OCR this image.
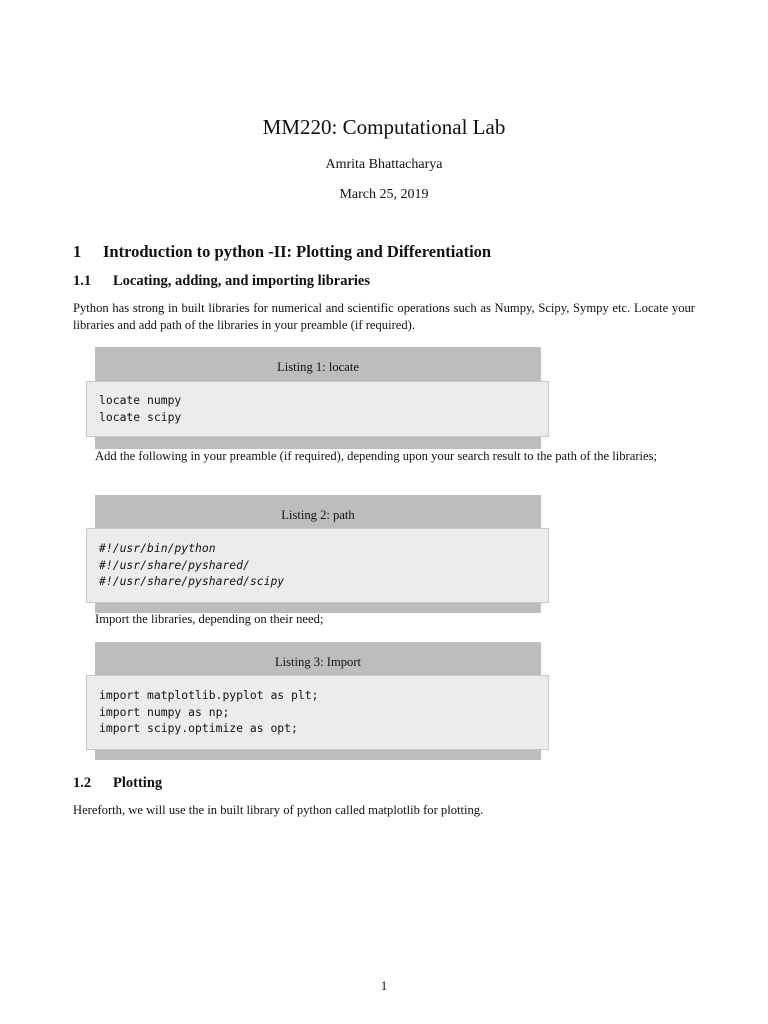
MM220: Computational Lab
Amrita Bhattacharya
March 25, 2019
1 Introduction to python -II: Plotting and Differentiation
1.1 Locating, adding, and importing libraries
Python has strong in built libraries for numerical and scientific operations such as Numpy, Scipy, Sympy etc. Locate your libraries and add path of the libraries in your preamble (if required).
Listing 1: locate
locate numpy
locate scipy
Add the following in your preamble (if required), depending upon your search result to the path of the libraries;
Listing 2: path
#!/usr/bin/python
#!/usr/share/pyshared/
#!/usr/share/pyshared/scipy
Import the libraries, depending on their need;
Listing 3: Import
import matplotlib.pyplot as plt;
import numpy as np;
import scipy.optimize as opt;
1.2 Plotting
Hereforth, we will use the in built library of python called matplotlib for plotting.
1
